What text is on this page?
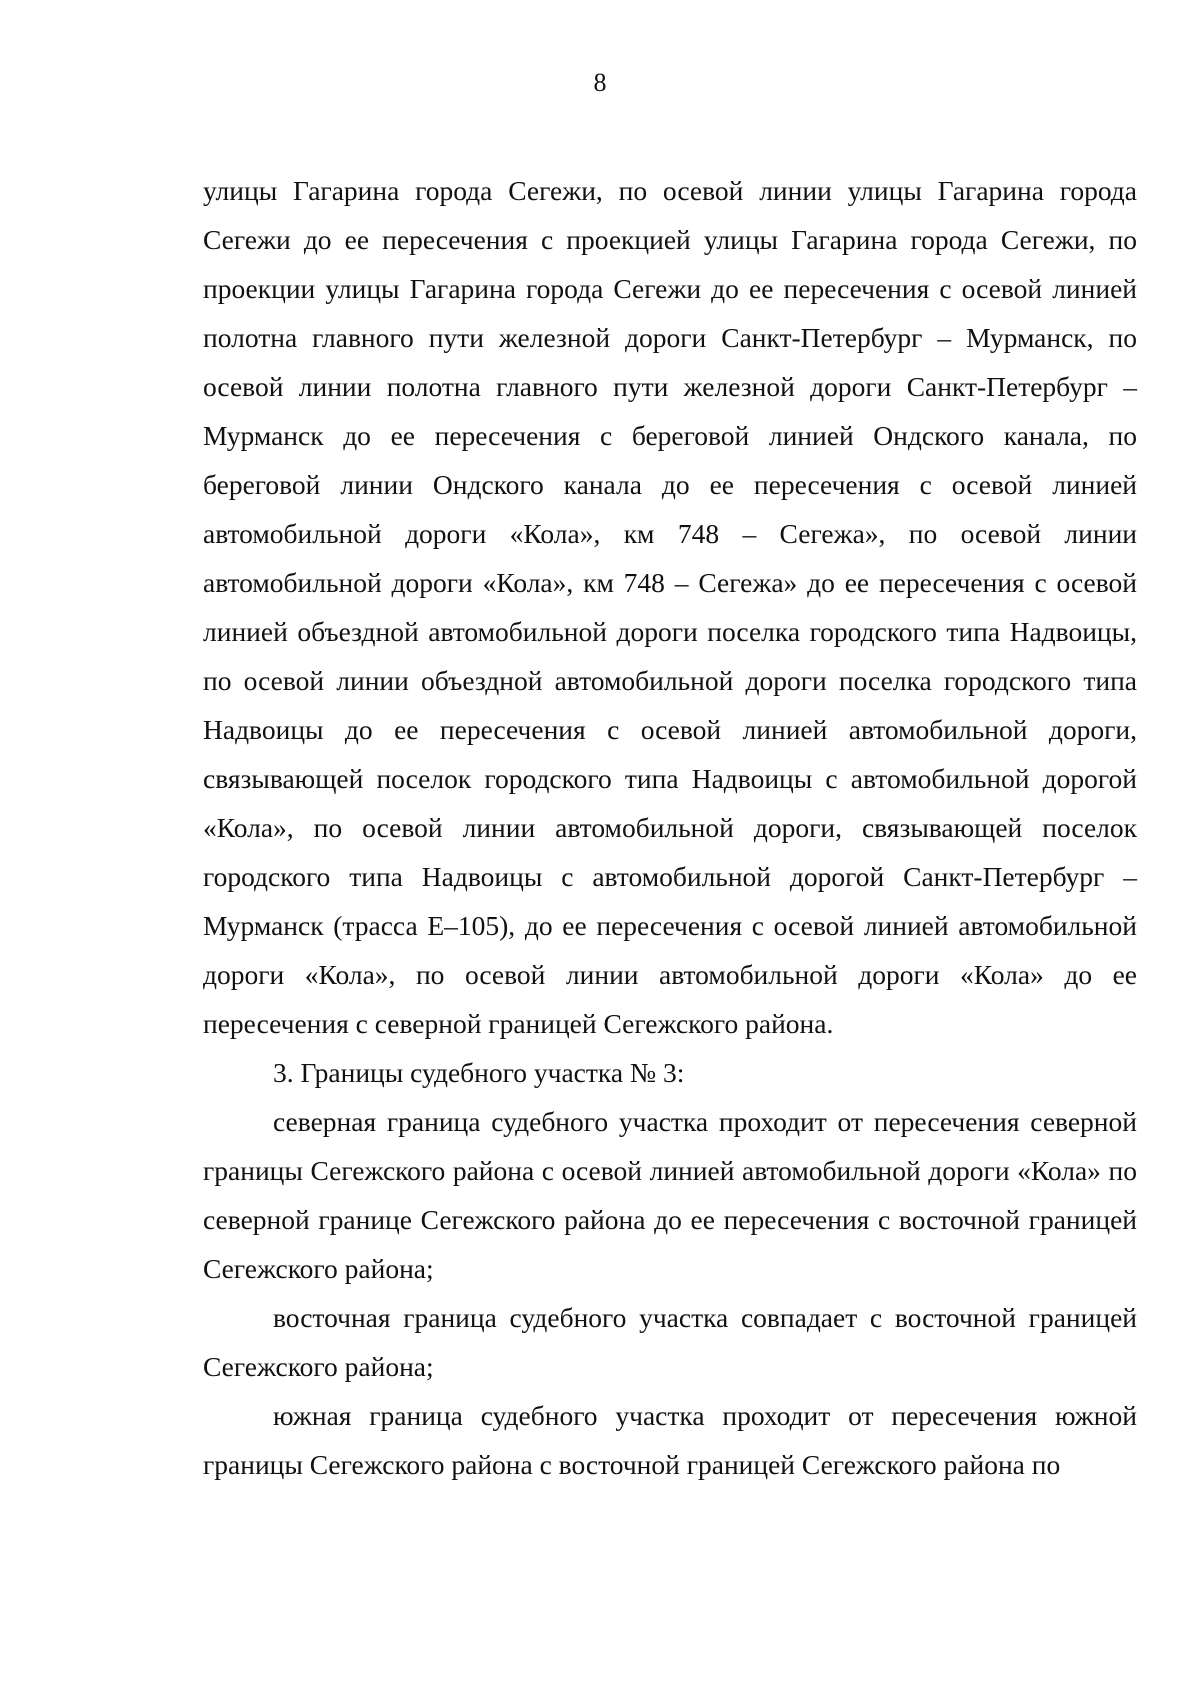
8

улицы Гагарина города Сегежи, по осевой линии улицы Гагарина города Сегежи до ее пересечения с проекцией улицы Гагарина города Сегежи, по проекции улицы Гагарина города Сегежи до ее пересечения с осевой линией полотна главного пути железной дороги Санкт-Петербург – Мурманск, по осевой линии полотна главного пути железной дороги Санкт-Петербург – Мурманск до ее пересечения с береговой линией Ондского канала, по береговой линии Ондского канала до ее пересечения с осевой линией автомобильной дороги «Кола», км 748 – Сегежа», по осевой линии автомобильной дороги «Кола», км 748 – Сегежа» до ее пересечения с осевой линией объездной автомобильной дороги поселка городского типа Надвоицы, по осевой линии объездной автомобильной дороги поселка городского типа Надвоицы до ее пересечения с осевой линией автомобильной дороги, связывающей поселок городского типа Надвоицы с автомобильной дорогой «Кола», по осевой линии автомобильной дороги, связывающей поселок городского типа Надвоицы с автомобильной дорогой Санкт-Петербург – Мурманск (трасса Е–105), до ее пересечения с осевой линией автомобильной дороги «Кола», по осевой линии автомобильной дороги «Кола» до ее пересечения с северной границей Сегежского района.

3. Границы судебного участка № 3:

северная граница судебного участка проходит от пересечения северной границы Сегежского района с осевой линией автомобильной дороги «Кола» по северной границе Сегежского района до ее пересечения с восточной границей Сегежского района;

восточная граница судебного участка совпадает с восточной границей Сегежского района;

южная граница судебного участка проходит от пересечения южной границы Сегежского района с восточной границей Сегежского района по
